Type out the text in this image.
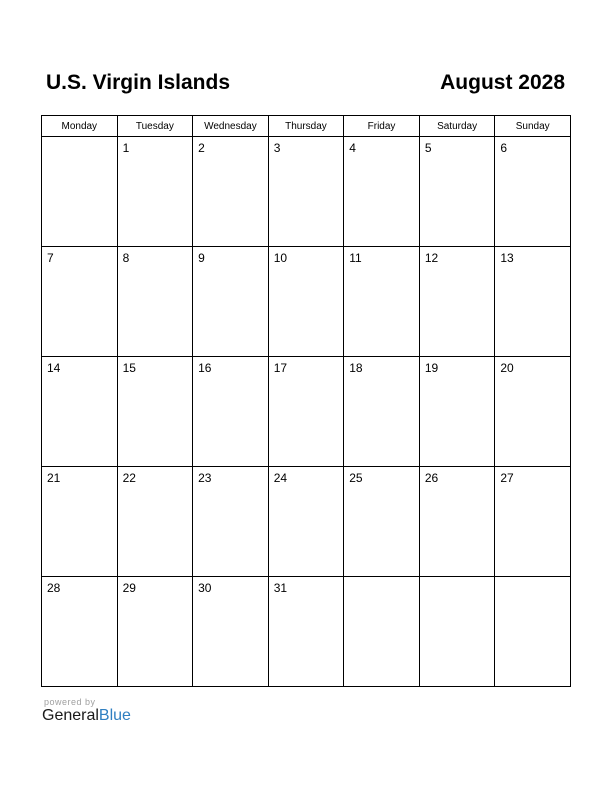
U.S. Virgin Islands	August 2028
Monday	Tuesday	Wednesday	Thursday	Friday	Saturday	Sunday

	1	2	3	4	5	6

7	8	9	10	11	12	13

14	15	16	17	18	19	20

21	22	23	24	25	26	27

28	29	30	31			

powered by
GeneralBlue
